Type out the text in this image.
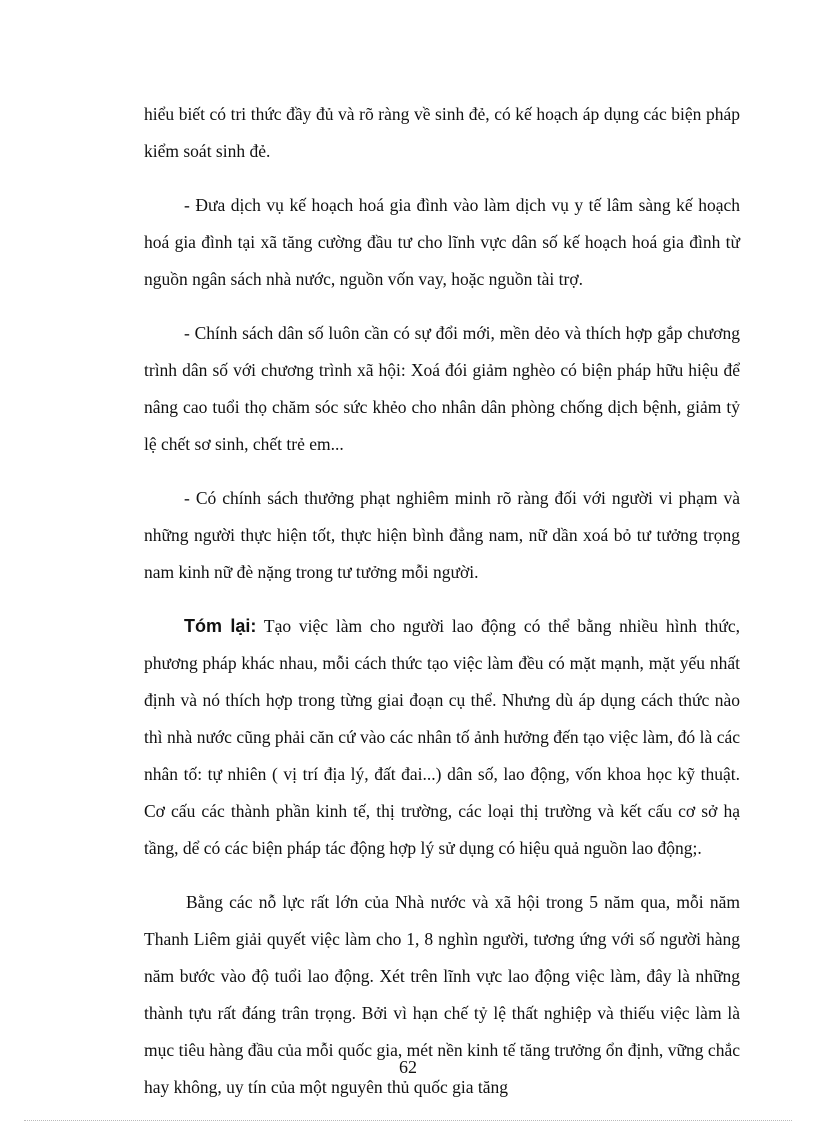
hiểu biết có tri thức đầy đủ và rõ ràng về sinh đẻ, có kế hoạch áp dụng các biện pháp kiểm soát sinh đẻ.

- Đưa dịch vụ kế hoạch hoá gia đình vào làm dịch vụ y tế lâm sàng kế hoạch hoá gia đình tại xã tăng cường đầu tư cho lĩnh vực dân số kế hoạch hoá gia đình từ nguồn ngân sách nhà nước, nguồn vốn vay, hoặc nguồn tài trợ.

- Chính sách dân số luôn cần có sự đổi mới, mền dẻo và thích hợp gắp chương trình dân số với chương trình xã hội: Xoá đói giảm nghèo có biện pháp hữu hiệu để nâng cao tuổi thọ chăm sóc sức khẻo cho nhân dân phòng chống dịch bệnh, giảm tỷ lệ chết sơ sinh, chết trẻ em...

- Có chính sách thưởng phạt nghiêm minh rõ ràng đối với người vi phạm và những người thực hiện tốt, thực hiện bình đẳng nam, nữ dần xoá bỏ tư tưởng trọng nam kinh nữ đè nặng trong tư tưởng mỗi người.

Tóm lại: Tạo việc làm cho người lao động có thể bằng nhiều hình thức, phương pháp khác nhau, mỗi cách thức tạo việc làm đều có mặt mạnh, mặt yếu nhất định và nó thích hợp trong từng giai đoạn cụ thể. Nhưng dù áp dụng cách thức nào thì nhà nước cũng phải căn cứ vào các nhân tố ảnh hưởng đến tạo việc làm, đó là các nhân tố: tự nhiên ( vị trí địa lý, đất đai...) dân số, lao động, vốn khoa học kỹ thuật. Cơ cấu các thành phần kinh tế, thị trường, các loại thị trường và kết cấu cơ sở hạ tầng, dể có các biện pháp tác động hợp lý sử dụng có hiệu quả nguồn lao động;.

Bằng các nỗ lực rất lớn của Nhà nước và xã hội trong 5 năm qua, mỗi năm Thanh Liêm giải quyết việc làm cho 1, 8 nghìn người, tương ứng với số người hàng năm bước vào độ tuổi lao động. Xét trên lĩnh vực lao động việc làm, đây là những thành tựu rất đáng trân trọng. Bởi vì hạn chế tỷ lệ thất nghiệp và thiếu việc làm là mục tiêu hàng đầu của mỗi quốc gia, mét nền kinh tế tăng trưởng ổn định, vững chắc hay không, uy tín của một nguyên thủ quốc gia tăng

62
